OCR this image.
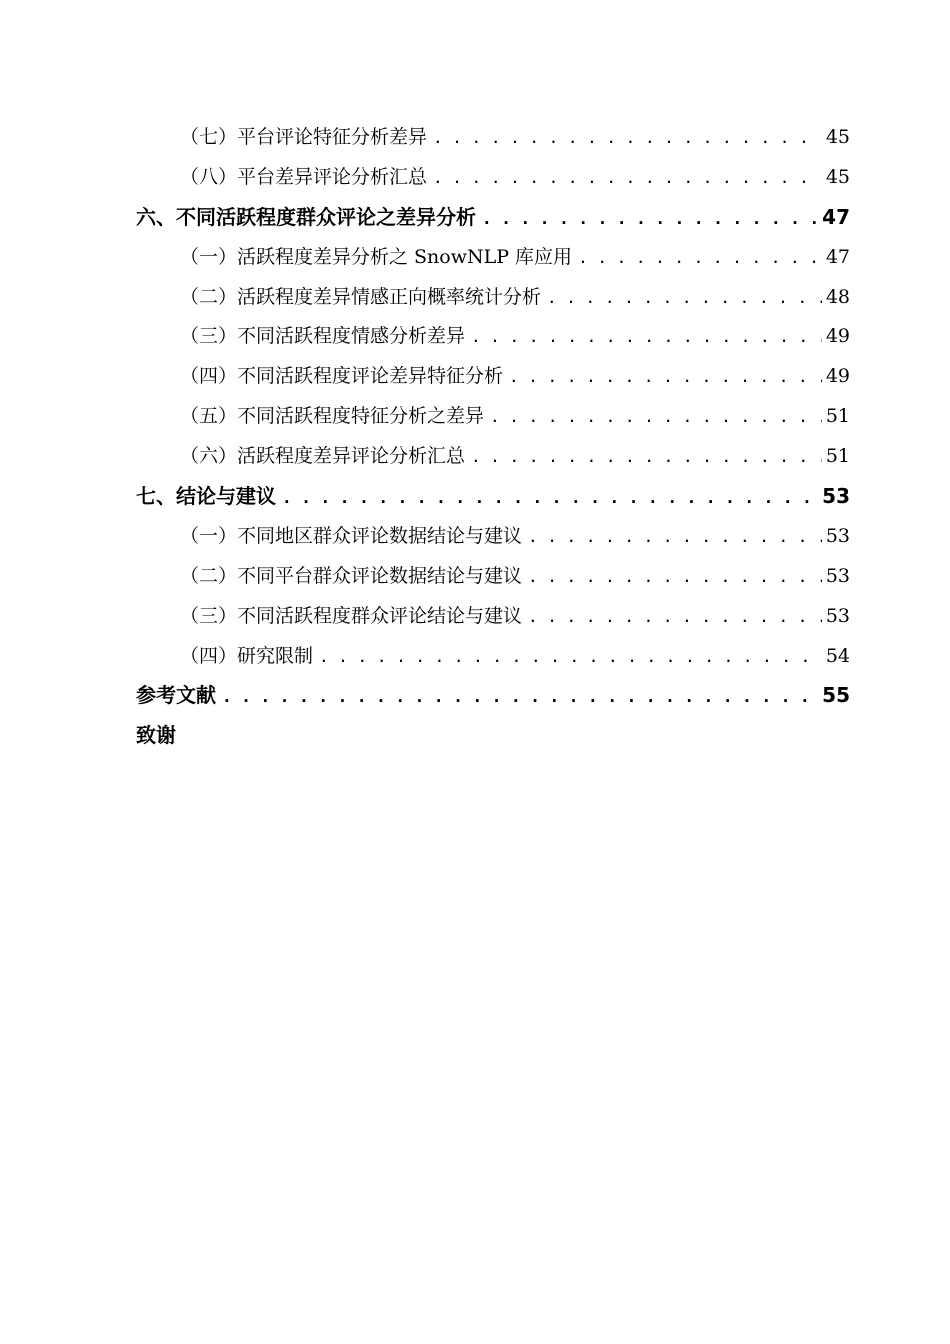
（七）平台评论特征分析差异 . . .	45
（八）平台差异评论分析汇总 . . .	45
六、不同活跃程度群众评论之差异分析 . . .	47
（一）活跃程度差异分析之 SnowNLP 库应用 . . .	47
（二）活跃程度差异情感正向概率统计分析 . . .	48
（三）不同活跃程度情感分析差异 . . .	49
（四）不同活跃程度评论差异特征分析 . . .	49
（五）不同活跃程度特征分析之差异 . . .	51
（六）活跃程度差异评论分析汇总 . . .	51
七、结论与建议 . . .	53
（一）不同地区群众评论数据结论与建议 . . .	53
（二）不同平台群众评论数据结论与建议 . . .	53
（三）不同活跃程度群众评论结论与建议 . . .	53
（四）研究限制 . . .	54
参考文献 . . .	55
致谢
